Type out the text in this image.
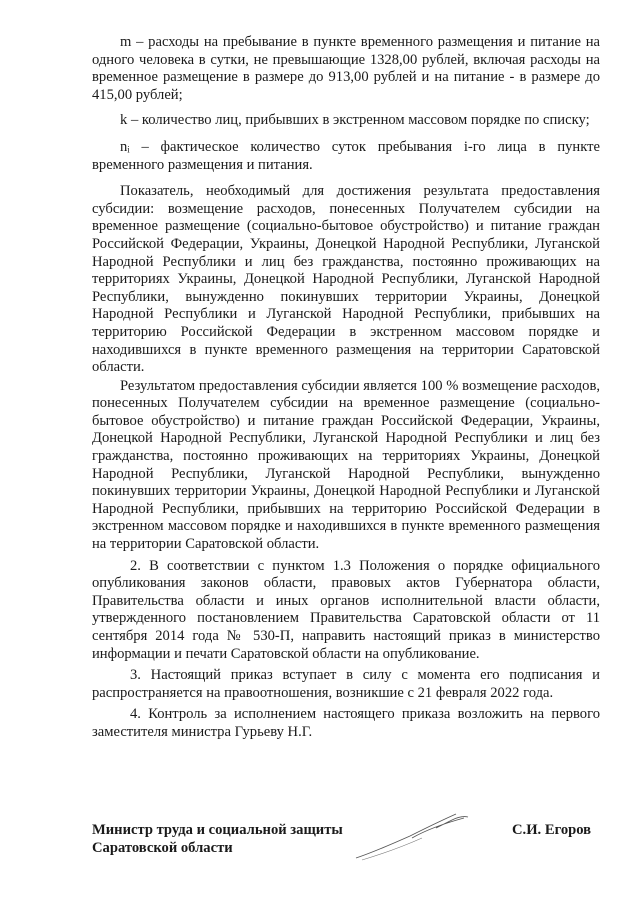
m – расходы на пребывание в пункте временного размещения и питание на одного человека в сутки, не превышающие 1328,00 рублей, включая расходы на временное размещение в размере до 913,00 рублей и на питание - в размере до 415,00 рублей;

k – количество лиц, прибывших в экстренном массовом порядке по списку;

nᵢ – фактическое количество суток пребывания i-го лица в пункте временного размещения и питания.

Показатель, необходимый для достижения результата предоставления субсидии: возмещение расходов, понесенных Получателем субсидии на временное размещение (социально-бытовое обустройство) и питание граждан Российской Федерации, Украины, Донецкой Народной Республики, Луганской Народной Республики и лиц без гражданства, постоянно проживающих на территориях Украины, Донецкой Народной Республики, Луганской Народной Республики, вынужденно покинувших территории Украины, Донецкой Народной Республики и Луганской Народной Республики, прибывших на территорию Российской Федерации в экстренном массовом порядке и находившихся в пункте временного размещения на территории Саратовской области.

Результатом предоставления субсидии является 100 % возмещение расходов, понесенных Получателем субсидии на временное размещение (социально-бытовое обустройство) и питание граждан Российской Федерации, Украины, Донецкой Народной Республики, Луганской Народной Республики и лиц без гражданства, постоянно проживающих на территориях Украины, Донецкой Народной Республики, Луганской Народной Республики, вынужденно покинувших территории Украины, Донецкой Народной Республики и Луганской Народной Республики, прибывших на территорию Российской Федерации в экстренном массовом порядке и находившихся в пункте временного размещения на территории Саратовской области.

2. В соответствии с пунктом 1.3 Положения о порядке официального опубликования законов области, правовых актов Губернатора области, Правительства области и иных органов исполнительной власти области, утвержденного постановлением Правительства Саратовской области от 11 сентября 2014 года № 530-П, направить настоящий приказ в министерство информации и печати Саратовской области на опубликование.

3. Настоящий приказ вступает в силу с момента его подписания и распространяется на правоотношения, возникшие с 21 февраля 2022 года.

4. Контроль за исполнением настоящего приказа возложить на первого заместителя министра Гурьеву Н.Г.

Министр труда и социальной защиты
Саратовской области
С.И. Егоров
